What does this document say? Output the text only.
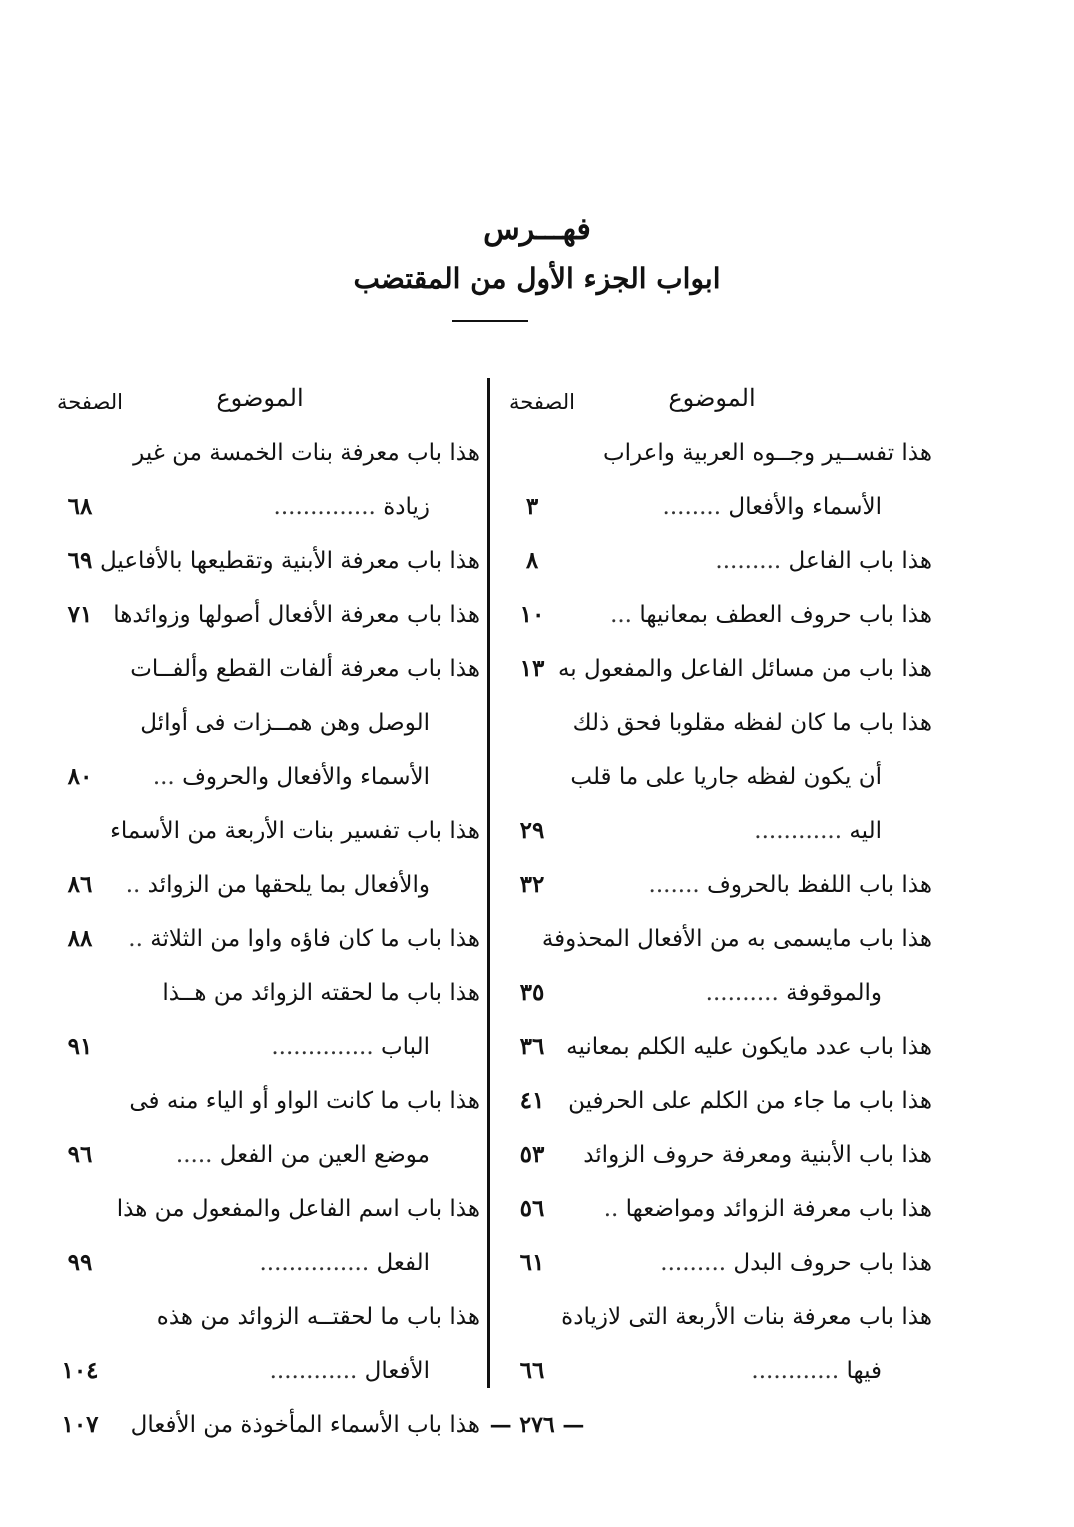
فهـــرس
ابواب الجزء الأول من المقتضب
الموضوع
الصفحة
هذا تفســير وجــوه العربية واعراب
الأسماء والأفعال ........
٣
هذا باب الفاعل .........
٨
هذا باب حروف العطف بمعانيها ...
١٠
هذا باب من مسائل الفاعل والمفعول به
١٣
هذا باب ما كان لفظه مقلوبا فحق ذلك
أن يكون لفظه جاريا على ما قلب
اليه ............
٢٩
هذا باب اللفظ بالحروف .......
٣٢
هذا باب مايسمى به من الأفعال المحذوفة
والموقوفة ..........
٣٥
هذا باب عدد مايكون عليه الكلم بمعانيه
٣٦
هذا باب ما جاء من الكلم على الحرفين
٤١
هذا باب الأبنية ومعرفة حروف الزوائد
٥٣
هذا باب معرفة الزوائد ومواضعها ..
٥٦
هذا باب حروف البدل .........
٦١
هذا باب معرفة بنات الأربعة التى لازيادة
فيها ............
٦٦
الموضوع
الصفحة
هذا باب معرفة بنات الخمسة من غير
زيادة ..............
٦٨
هذا باب معرفة الأبنية وتقطيعها بالأفاعيل
٦٩
هذا باب معرفة الأفعال أصولها وزوائدها
٧١
هذا باب معرفة ألفات القطع وألفــات
الوصل وهن همــزات فى أوائل
الأسماء والأفعال والحروف ...
٨٠
هذا باب تفسير بنات الأربعة من الأسماء
والأفعال بما يلحقها من الزوائد ..
٨٦
هذا باب ما كان فاؤه واوا من الثلاثة ..
٨٨
هذا باب ما لحقته الزوائد من هــذا
الباب ..............
٩١
هذا باب ما كانت الواو أو الياء منه فى
موضع العين من الفعل .....
٩٦
هذا باب اسم الفاعل والمفعول من هذا
الفعل ...............
٩٩
هذا باب ما لحقتــه الزوائد من هذه
الأفعال ............
١٠٤
هذا باب الأسماء المأخوذة من الأفعال
١٠٧	— ٢٧٦ —
